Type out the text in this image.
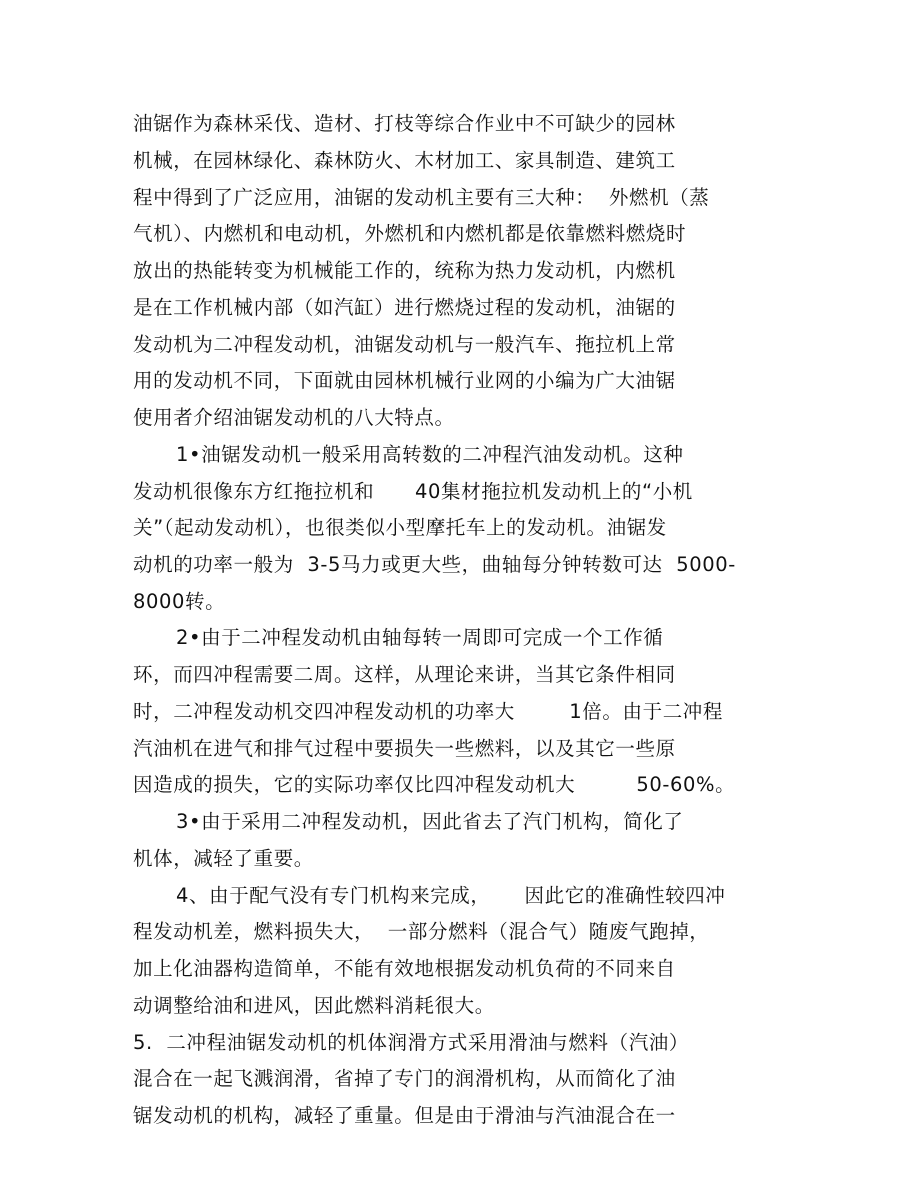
油锯作为森林采伐、造材、打枝等综合作业中不可缺少的园林
机械，在园林绿化、森林防火、木材加工、家具制造、建筑工
程中得到了广泛应用，油锯的发动机主要有三大种：  外燃机（蒸
气机）、内燃机和电动机，外燃机和内燃机都是依靠燃料燃烧时
放出的热能转变为机械能工作的，统称为热力发动机，内燃机
是在工作机械内部（如汽缸）进行燃烧过程的发动机，油锯的
发动机为二冲程发动机，油锯发动机与一般汽车、拖拉机上常
用的发动机不同，下面就由园林机械行业网的小编为广大油锯
使用者介绍油锯发动机的八大特点。
1•油锯发动机一般采用高转数的二冲程汽油发动机。这种
发动机很像东方红拖拉机和      40集材拖拉机发动机上的“小机
关”（起动发动机），也很类似小型摩托车上的发动机。油锯发
动机的功率一般为  3-5马力或更大些，曲轴每分钟转数可达  5000-
8000转。
2•由于二冲程发动机由轴每转一周即可完成一个工作循
环，而四冲程需要二周。这样，从理论来讲，当其它条件相同
时，二冲程发动机交四冲程发动机的功率大        1倍。由于二冲程
汽油机在进气和排气过程中要损失一些燃料，以及其它一些原
因造成的损失，它的实际功率仅比四冲程发动机大         50-60%。
3•由于采用二冲程发动机，因此省去了汽门机构，简化了
机体，减轻了重要。
4、由于配气没有专门机构来完成，     因此它的准确性较四冲
程发动机差，燃料损失大，  一部分燃料（混合气）随废气跑掉，
加上化油器构造简单，不能有效地根据发动机负荷的不同来自
动调整给油和进风，因此燃料消耗很大。
5.  二冲程油锯发动机的机体润滑方式采用滑油与燃料（汽油）
混合在一起飞溅润滑，省掉了专门的润滑机构，从而简化了油
锯发动机的机构，减轻了重量。但是由于滑油与汽油混合在一
